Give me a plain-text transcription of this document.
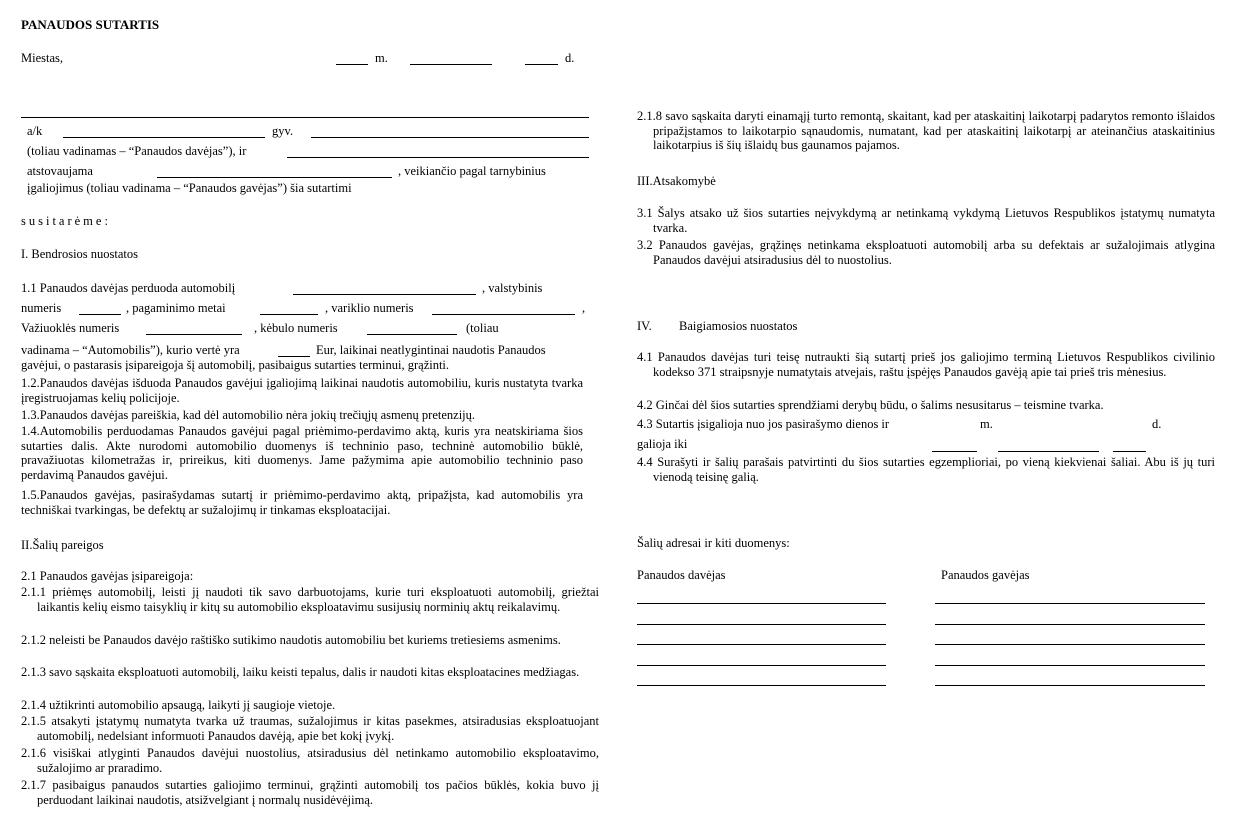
PANAUDOS SUTARTIS
Miestas,	m.	d.
a/k	gyv.
(toliau vadinamas – “Panaudos davėjas”), ir
atstovaujama	, veikiančio pagal tarnybinius
įgaliojimus (toliau vadinama – “Panaudos gavėjas”) šia sutartimi
susitarėme:
I. Bendrosios nuostatos
1.1 Panaudos davėjas perduoda automobilį	, valstybinis
numeris	, pagaminimo metai	, variklio numeris	,
Važiuoklės numeris	, kėbulo numeris	(toliau
vadinama – “Automobilis”), kurio vertė yra	Eur, laikinai neatlygintinai naudotis Panaudos
gavėjui, o pastarasis įsipareigoja šį automobilį, pasibaigus sutarties terminui, grąžinti.
1.2.Panaudos davėjas išduoda Panaudos gavėjui įgaliojimą laikinai naudotis automobiliu, kuris nustatyta tvarka įregistruojamas kelių policijoje.
1.3.Panaudos davėjas pareiškia, kad dėl automobilio nėra jokių trečiųjų asmenų pretenzijų.
1.4.Automobilis perduodamas Panaudos gavėjui pagal priėmimo-perdavimo aktą, kuris yra neatskiriama šios sutarties dalis. Akte nurodomi automobilio duomenys iš techninio paso, techninė automobilio būklė, pravažiuotas kilometražas ir, prireikus, kiti duomenys. Jame pažymima apie automobilio techninio paso perdavimą Panaudos gavėjui.
1.5.Panaudos gavėjas, pasirašydamas sutartį ir priėmimo-perdavimo aktą, pripažįsta, kad automobilis yra techniškai tvarkingas, be defektų ar sužalojimų ir tinkamas eksploatacijai.
II.Šalių pareigos
2.1 Panaudos gavėjas įsipareigoja:
2.1.1 priėmęs automobilį, leisti jį naudoti tik savo darbuotojams, kurie turi eksploatuoti automobilį, griežtai laikantis kelių eismo taisyklių ir kitų su automobilio eksploatavimu susijusių norminių aktų reikalavimų.
2.1.2 neleisti be Panaudos davėjo raštiško sutikimo naudotis automobiliu bet kuriems tretiesiems asmenims.
2.1.3 savo sąskaita eksploatuoti automobilį, laiku keisti tepalus, dalis ir naudoti kitas eksploatacines medžiagas.
2.1.4 užtikrinti automobilio apsaugą, laikyti jį saugioje vietoje.
2.1.5 atsakyti įstatymų numatyta tvarka už traumas, sužalojimus ir kitas pasekmes, atsiradusias eksploatuojant automobilį, nedelsiant informuoti Panaudos davėją, apie bet kokį įvykį.
2.1.6 visiškai atlyginti Panaudos davėjui nuostolius, atsiradusius dėl netinkamo automobilio eksploatavimo, sužalojimo ar praradimo.
2.1.7 pasibaigus panaudos sutarties galiojimo terminui, grąžinti automobilį tos pačios būklės, kokia buvo jį perduodant laikinai naudotis, atsižvelgiant į normalų nusidėvėjimą.
2.1.8 savo sąskaita daryti einamąjį turto remontą, skaitant, kad per ataskaitinį laikotarpį padarytos remonto išlaidos pripažįstamos to laikotarpio sąnaudomis, numatant, kad per ataskaitinį laikotarpį ar ateinančius ataskaitinius laikotarpius iš šių išlaidų bus gaunamos pajamos.
III.Atsakomybė
3.1 Šalys atsako už šios sutarties neįvykdymą ar netinkamą vykdymą Lietuvos Respublikos įstatymų numatyta tvarka.
3.2 Panaudos gavėjas, grąžinęs netinkama eksploatuoti automobilį arba su defektais ar sužalojimais atlygina Panaudos davėjui atsiradusius dėl to nuostolius.
IV. Baigiamosios nuostatos
4.1 Panaudos davėjas turi teisę nutraukti šią sutartį prieš jos galiojimo terminą Lietuvos Respublikos civilinio kodekso 371 straipsnyje numatytais atvejais, raštu įspėjęs Panaudos gavėją apie tai prieš tris mėnesius.
4.2 Ginčai dėl šios sutarties sprendžiami derybų būdu, o šalims nesusitarus – teismine tvarka.
4.3 Sutartis įsigalioja nuo jos pasirašymo dienos ir	m.	d.
galioja iki
4.4 Surašyti ir šalių parašais patvirtinti du šios sutarties egzemplioriai, po vieną kiekvienai šaliai. Abu iš jų turi vienodą teisinę galią.
Šalių adresai ir kiti duomenys:
Panaudos davėjas	Panaudos gavėjas
